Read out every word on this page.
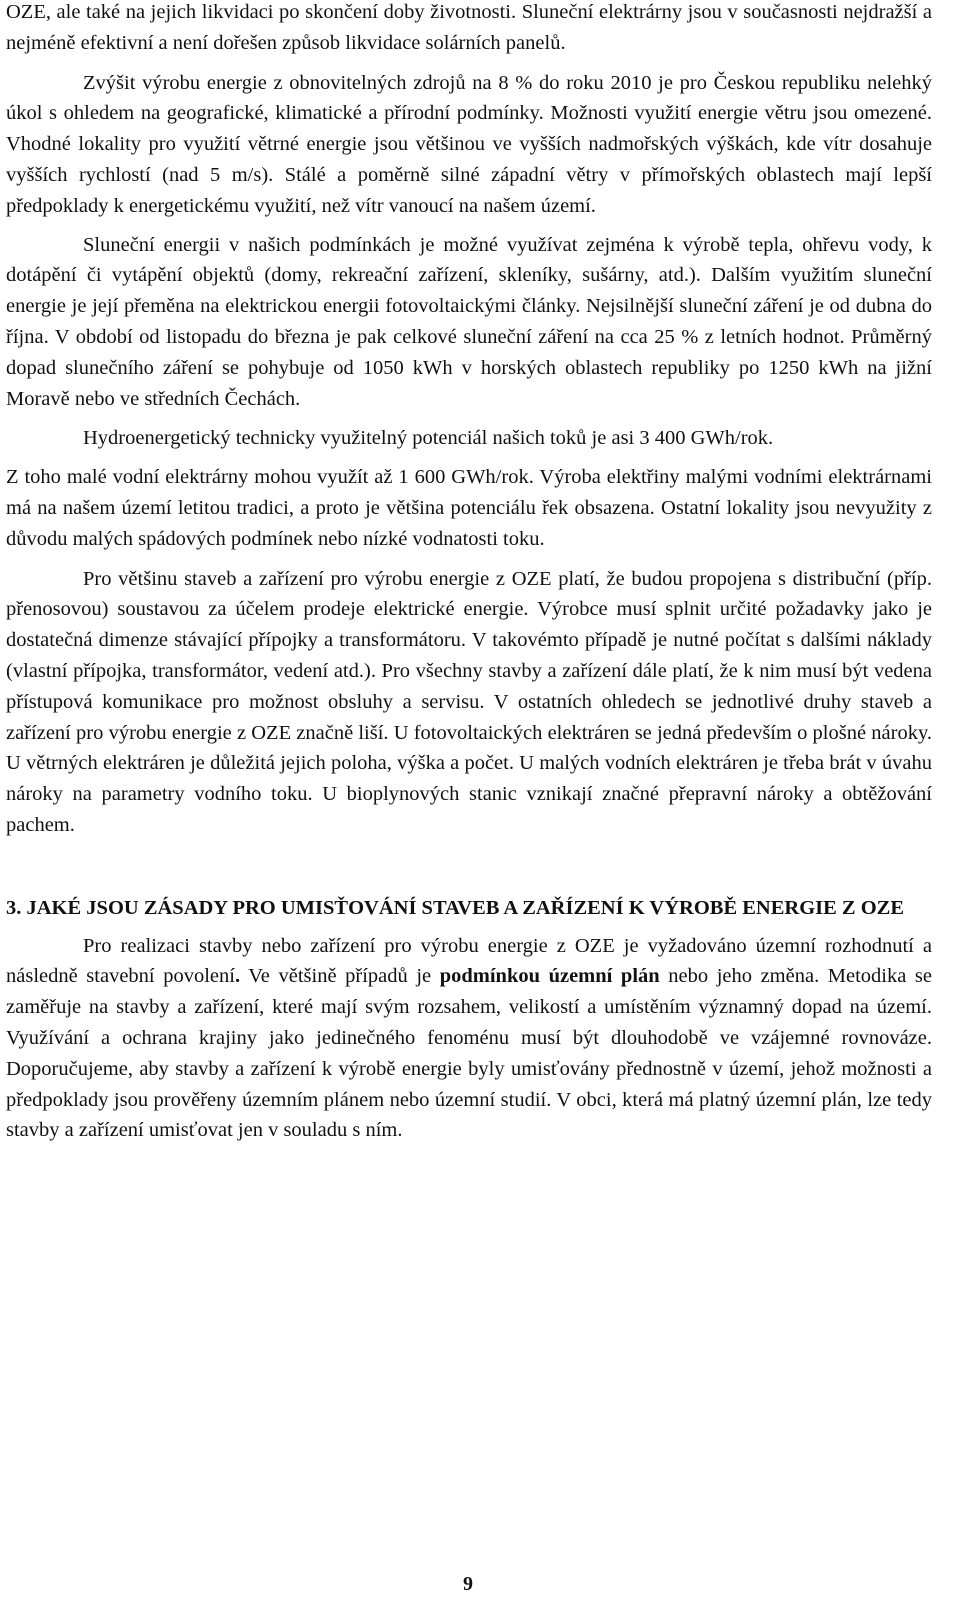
OZE, ale také na jejich likvidaci po skončení doby životnosti. Sluneční elektrárny jsou v současnosti nejdražší a nejméně efektivní a není dořešen způsob likvidace solárních panelů.

Zvýšit výrobu energie z obnovitelných zdrojů na 8 % do roku 2010 je pro Českou republiku nelehký úkol s ohledem na geografické, klimatické a přírodní podmínky. Možnosti využití energie větru jsou omezené. Vhodné lokality pro využití větrné energie jsou většinou ve vyšších nadmořských výškách, kde vítr dosahuje vyšších rychlostí (nad 5 m/s). Stálé a poměrně silné západní větry v přímořských oblastech mají lepší předpoklady k energetickému využití, než vítr vanoucí na našem území.

Sluneční energii v našich podmínkách je možné využívat zejména k výrobě tepla, ohřevu vody, k dotápění či vytápění objektů (domy, rekreační zařízení, skleníky, sušárny, atd.). Dalším využitím sluneční energie je její přeměna na elektrickou energii fotovoltaickými články. Nejsilnější sluneční záření je od dubna do října. V období od listopadu do března je pak celkové sluneční záření na cca 25 % z letních hodnot. Průměrný dopad slunečního záření se pohybuje od 1050 kWh v horských oblastech republiky po 1250 kWh na jižní Moravě nebo ve středních Čechách.

Hydroenergetický technicky využitelný potenciál našich toků je asi 3 400 GWh/rok.

Z toho malé vodní elektrárny mohou využít až 1 600 GWh/rok. Výroba elektřiny malými vodními elektrárnami má na našem území letitou tradici, a proto je většina potenciálu řek obsazena. Ostatní lokality jsou nevyužity z důvodu malých spádových podmínek nebo nízké vodnatosti toku.

Pro většinu staveb a zařízení pro výrobu energie z OZE platí, že budou propojena s distribuční (příp. přenosovou) soustavou za účelem prodeje elektrické energie. Výrobce musí splnit určité požadavky jako je dostatečná dimenze stávající přípojky a transformátoru. V takovémto případě je nutné počítat s dalšími náklady (vlastní přípojka, transformátor, vedení atd.). Pro všechny stavby a zařízení dále platí, že k nim musí být vedena přístupová komunikace pro možnost obsluhy a servisu. V ostatních ohledech se jednotlivé druhy staveb a zařízení pro výrobu energie z OZE značně liší. U fotovoltaických elektráren se jedná především o plošné nároky. U větrných elektráren je důležitá jejich poloha, výška a počet. U malých vodních elektráren je třeba brát v úvahu nároky na parametry vodního toku. U bioplynových stanic vznikají značné přepravní nároky a obtěžování pachem.

3. JAKÉ JSOU ZÁSADY PRO UMISŤOVÁNÍ STAVEB A ZAŘÍZENÍ K VÝROBĚ ENERGIE Z OZE

Pro realizaci stavby nebo zařízení pro výrobu energie z OZE je vyžadováno územní rozhodnutí a následně stavební povolení. Ve většině případů je podmínkou územní plán nebo jeho změna. Metodika se zaměřuje na stavby a zařízení, které mají svým rozsahem, velikostí a umístěním významný dopad na území. Využívání a ochrana krajiny jako jedinečného fenoménu musí být dlouhodobě ve vzájemné rovnováze. Doporučujeme, aby stavby a zařízení k výrobě energie byly umisťovány přednostně v území, jehož možnosti a předpoklady jsou prověřeny územním plánem nebo územní studií. V obci, která má platný územní plán, lze tedy stavby a zařízení umisťovat jen v souladu s ním.

9
